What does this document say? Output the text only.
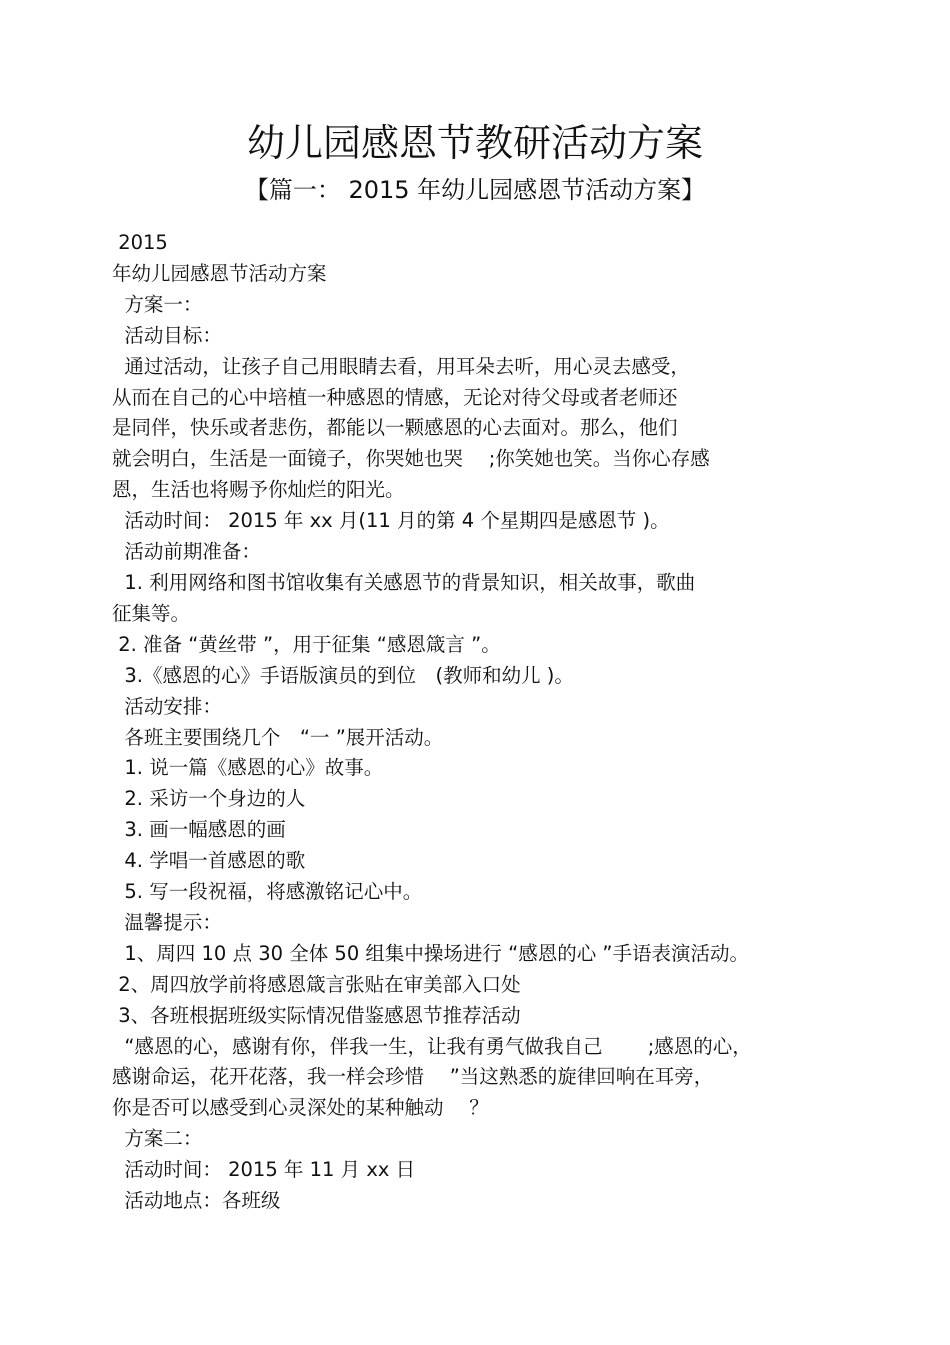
幼儿园感恩节教研活动方案
【篇一： 2015 年幼儿园感恩节活动方案】

2015

年幼儿园感恩节活动方案

方案一：

活动目标：

通过活动，让孩子自己用眼睛去看，用耳朵去听，用心灵去感受，

从而在自己的心中培植一种感恩的情感，无论对待父母或者老师还

是同伴，快乐或者悲伤，都能以一颗感恩的心去面对。那么，他们

就会明白，生活是一面镜子，你哭她也哭　 ;你笑她也笑。当你心存感

恩，生活也将赐予你灿烂的阳光。

活动时间： 2015 年 xx 月(11 月的第 4 个星期四是感恩节 )。

活动前期准备：

1. 利用网络和图书馆收集有关感恩节的背景知识，相关故事，歌曲

征集等。

2. 准备 “黄丝带 ”，用于征集 “感恩箴言 ”。

3.《感恩的心》手语版演员的到位　(教师和幼儿 )。

活动安排：

各班主要围绕几个　“一 ”展开活动。

1. 说一篇《感恩的心》故事。

2. 采访一个身边的人

3. 画一幅感恩的画

4. 学唱一首感恩的歌

5. 写一段祝福，将感激铭记心中。

温馨提示：

1、周四 10 点 30 全体 50 组集中操场进行 “感恩的心 ”手语表演活动。

2、周四放学前将感恩箴言张贴在审美部入口处

3、各班根据班级实际情况借鉴感恩节推荐活动

“感恩的心，感谢有你，伴我一生，让我有勇气做我自己　　 ;感恩的心，

感谢命运，花开花落，我一样会珍惜　 ”当这熟悉的旋律回响在耳旁，

你是否可以感受到心灵深处的某种触动　 ？

方案二：

活动时间： 2015 年 11 月 xx 日

活动地点：各班级
